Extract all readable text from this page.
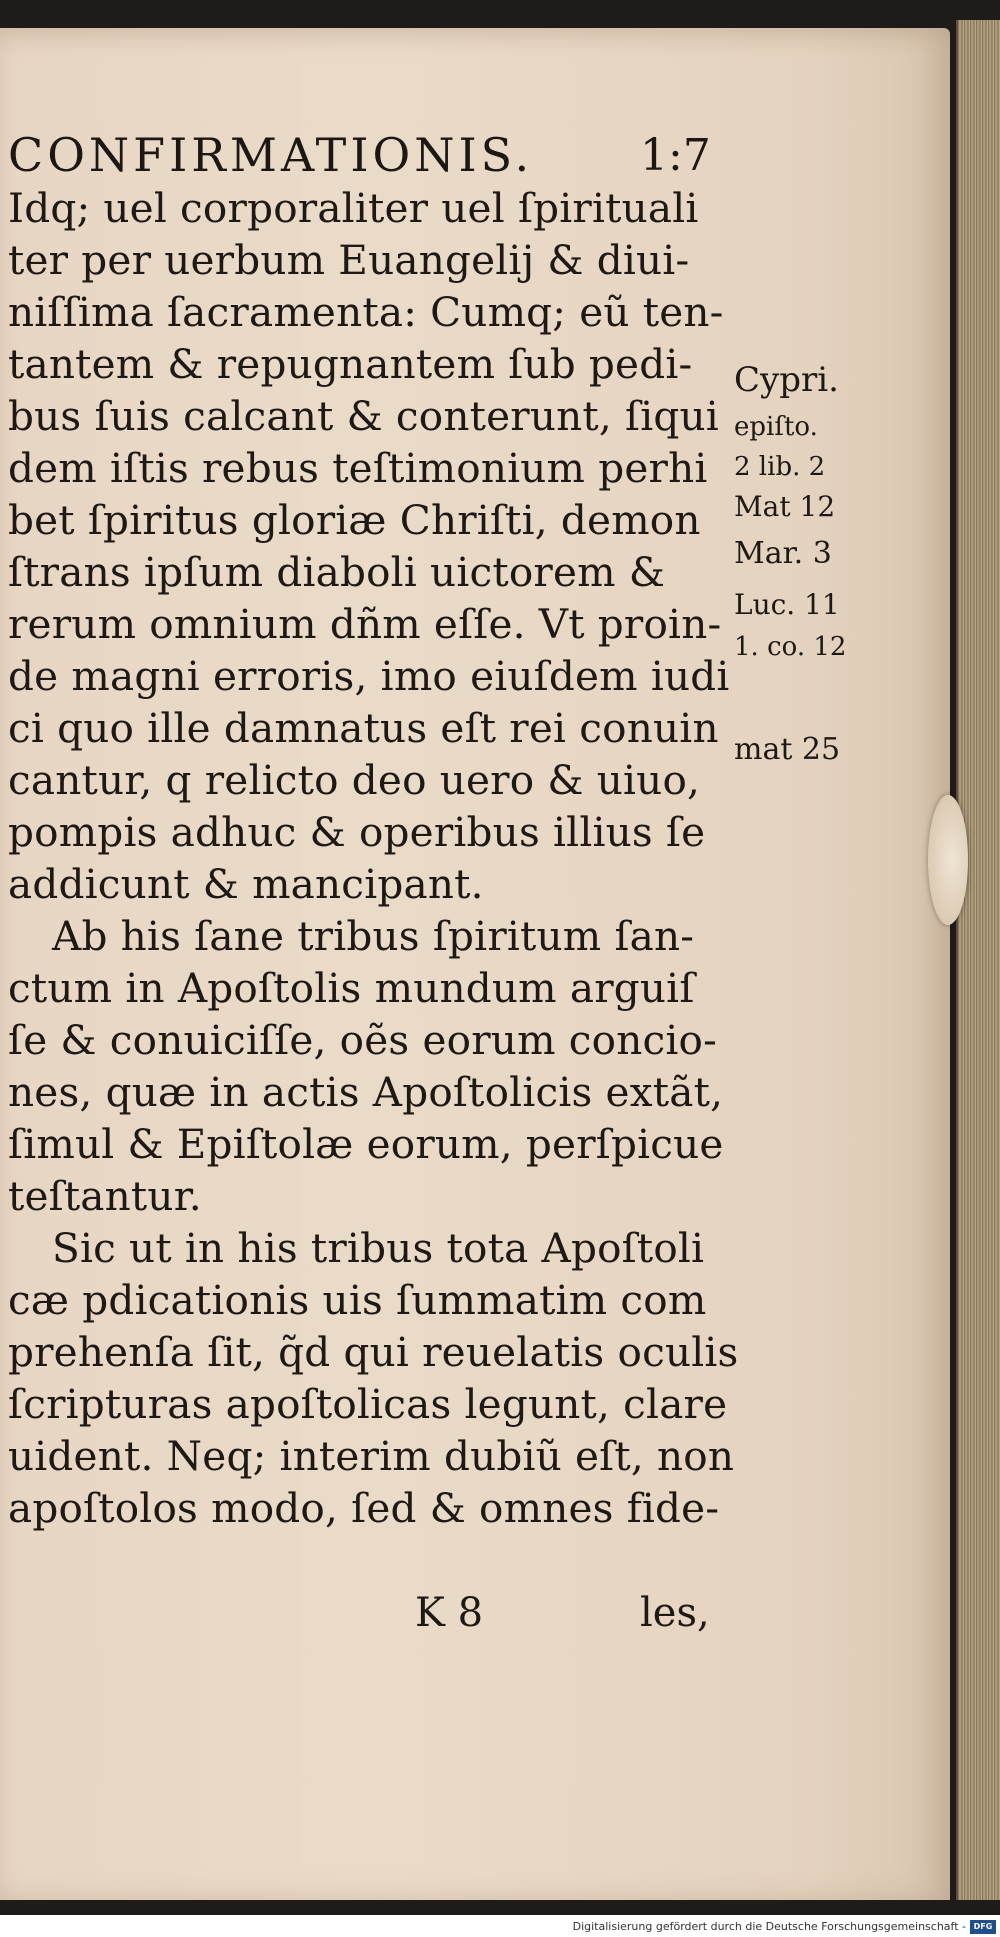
CONFIRMATIONIS.	1:7
Idq; uel corporaliter uel ſpirituali
ter per uerbum Euangelij & diui-
niſſima ſacramenta: Cumq; eũ ten-
tantem & repugnantem ſub pedi-
bus ſuis calcant & conterunt, ſiqui
dem iſtis rebus teſtimonium perhi
bet ſpiritus gloriæ Chriſti, demon
ſtrans ipſum diaboli uictorem &
rerum omnium dñm eſſe. Vt proin-
de magni erroris, imo eiuſdem iudi
ci quo ille damnatus eſt rei conuin
cantur, q relicto deo uero & uiuo,
pompis adhuc & operibus illius ſe
addicunt & mancipant.
Ab his ſane tribus ſpiritum ſan-
ctum in Apoſtolis mundum arguiſ
ſe & conuiciſſe, oẽs eorum concio-
nes, quæ in actis Apoſtolicis extãt,
ſimul & Epiſtolæ eorum, perſpicue
teſtantur.
Sic ut in his tribus tota Apoſtoli
cæ pdicationis uis ſummatim com
prehenſa ſit, q̃d qui reuelatis oculis
ſcripturas apoſtolicas legunt, clare
uident. Neq; interim dubiũ eſt, non
apoſtolos modo, ſed & omnes fide-
K 8	les,
Cypri.
epiſto.
2 lib. 2
Mat 12
Mar. 3
Luc. 11
1. co. 12
mat 25
Digitalisierung gefördert durch die Deutsche Forschungsgemeinschaft - DFG
